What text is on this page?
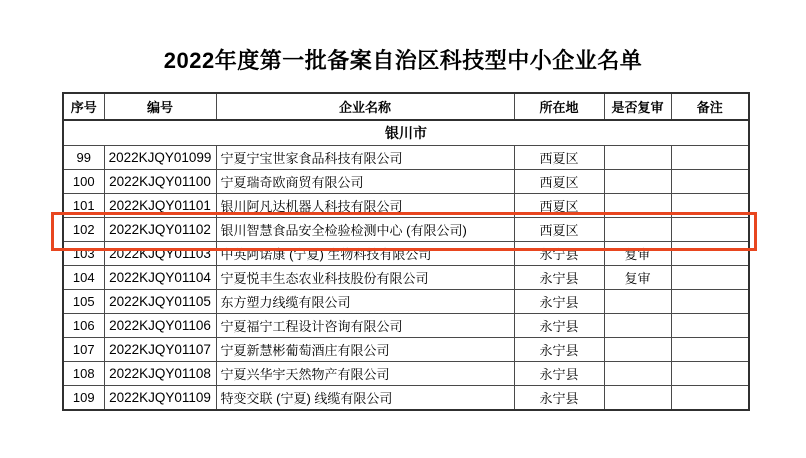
2022年度第一批备案自治区科技型中小企业名单
序号	编号	企业名称	所在地	是否复审	备注
银川市					
99	2022KJQY01099	宁夏宁宝世家食品科技有限公司	西夏区		
100	2022KJQY01100	宁夏瑞奇欧商贸有限公司	西夏区		
101	2022KJQY01101	银川阿凡达机器人科技有限公司	西夏区		
102	2022KJQY01102	银川智慧食品安全检验检测中心 (有限公司)	西夏区		
103	2022KJQY01103	中英阿诺康 (宁夏) 生物科技有限公司	永宁县	复审	
104	2022KJQY01104	宁夏悦丰生态农业科技股份有限公司	永宁县	复审	
105	2022KJQY01105	东方塑力线缆有限公司	永宁县		
106	2022KJQY01106	宁夏福宁工程设计咨询有限公司	永宁县		
107	2022KJQY01107	宁夏新慧彬葡萄酒庄有限公司	永宁县		
108	2022KJQY01108	宁夏兴华宇天然物产有限公司	永宁县		
109	2022KJQY01109	特变交联 (宁夏) 线缆有限公司	永宁县		
